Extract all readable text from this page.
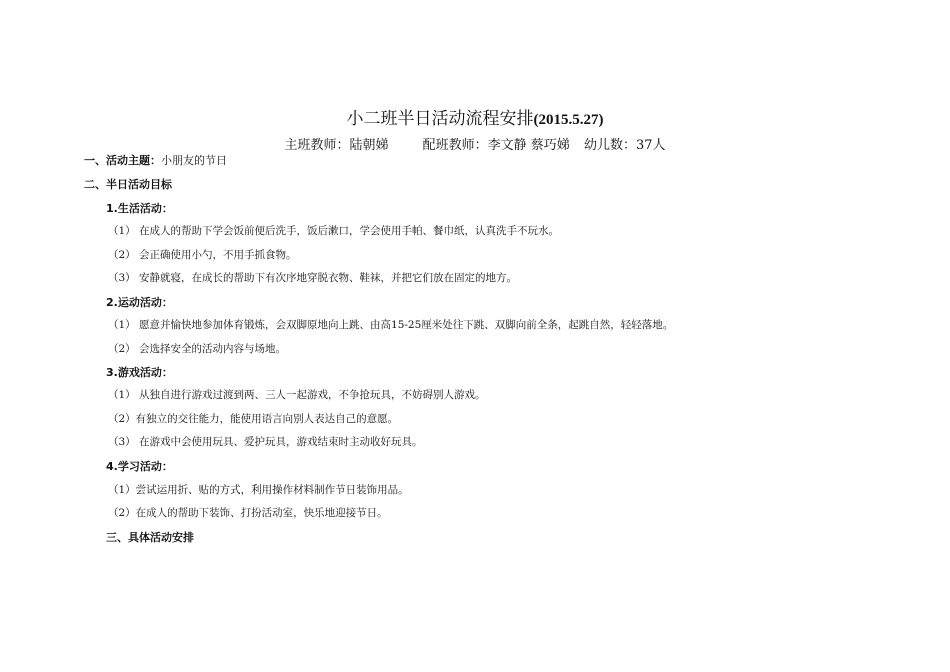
小二班半日活动流程安排(2015.5.27)
主班教师：陆朝娣	配班教师：李文静 蔡巧娣 幼儿数：37人
一、活动主题：小朋友的节日
二、半日活动目标
1.生活活动：
（1） 在成人的帮助下学会饭前便后洗手，饭后漱口，学会使用手帕、餐巾纸，认真洗手不玩水。
（2） 会正确使用小勺，不用手抓食物。
（3） 安静就寝，在成长的帮助下有次序地穿脱衣物、鞋袜，并把它们放在固定的地方。
2.运动活动：
（1） 愿意并愉快地参加体育锻炼，会双脚原地向上跳、由高15-25厘米处往下跳、双脚向前全条，起跳自然，轻轻落地。
（2） 会选择安全的活动内容与场地。
3.游戏活动：
（1） 从独自进行游戏过渡到两、三人一起游戏，不争抢玩具，不妨碍别人游戏。
（2）有独立的交往能力，能使用语言向别人表达自己的意愿。
（3） 在游戏中会使用玩具、爱护玩具，游戏结束时主动收好玩具。
4.学习活动：
（1）尝试运用折、贴的方式，利用操作材料制作节日装饰用品。
（2）在成人的帮助下装饰、打扮活动室，快乐地迎接节日。
三、具体活动安排
